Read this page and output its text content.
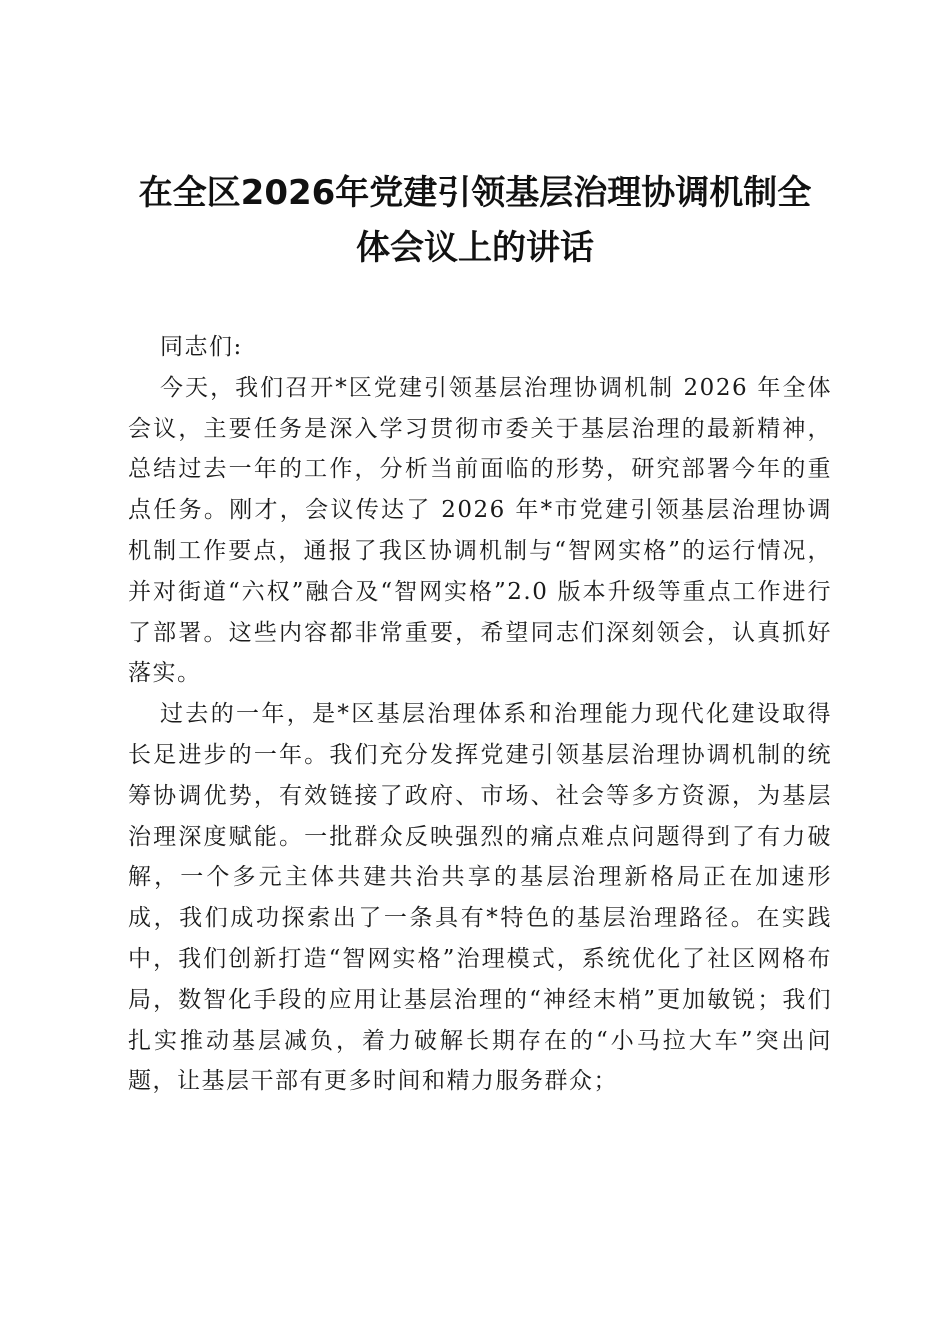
在全区2026年党建引领基层治理协调机制全
体会议上的讲话

同志们:

今天，我们召开*区党建引领基层治理协调机制 2026 年全体会议，主要任务是深入学习贯彻市委关于基层治理的最新精神，总结过去一年的工作，分析当前面临的形势，研究部署今年的重点任务。刚才，会议传达了 2026 年*市党建引领基层治理协调机制工作要点，通报了我区协调机制与“智网实格”的运行情况，并对街道“六权”融合及“智网实格”2.0 版本升级等重点工作进行了部署。这些内容都非常重要，希望同志们深刻领会，认真抓好落实。

过去的一年，是*区基层治理体系和治理能力现代化建设取得长足进步的一年。我们充分发挥党建引领基层治理协调机制的统筹协调优势，有效链接了政府、市场、社会等多方资源，为基层治理深度赋能。一批群众反映强烈的痛点难点问题得到了有力破解，一个多元主体共建共治共享的基层治理新格局正在加速形成，我们成功探索出了一条具有*特色的基层治理路径。在实践中，我们创新打造“智网实格”治理模式，系统优化了社区网格布局，数智化手段的应用让基层治理的“神经末梢”更加敏锐；我们扎实推动基层减负，着力破解长期存在的“小马拉大车”突出问题，让基层干部有更多时间和精力服务群众；
